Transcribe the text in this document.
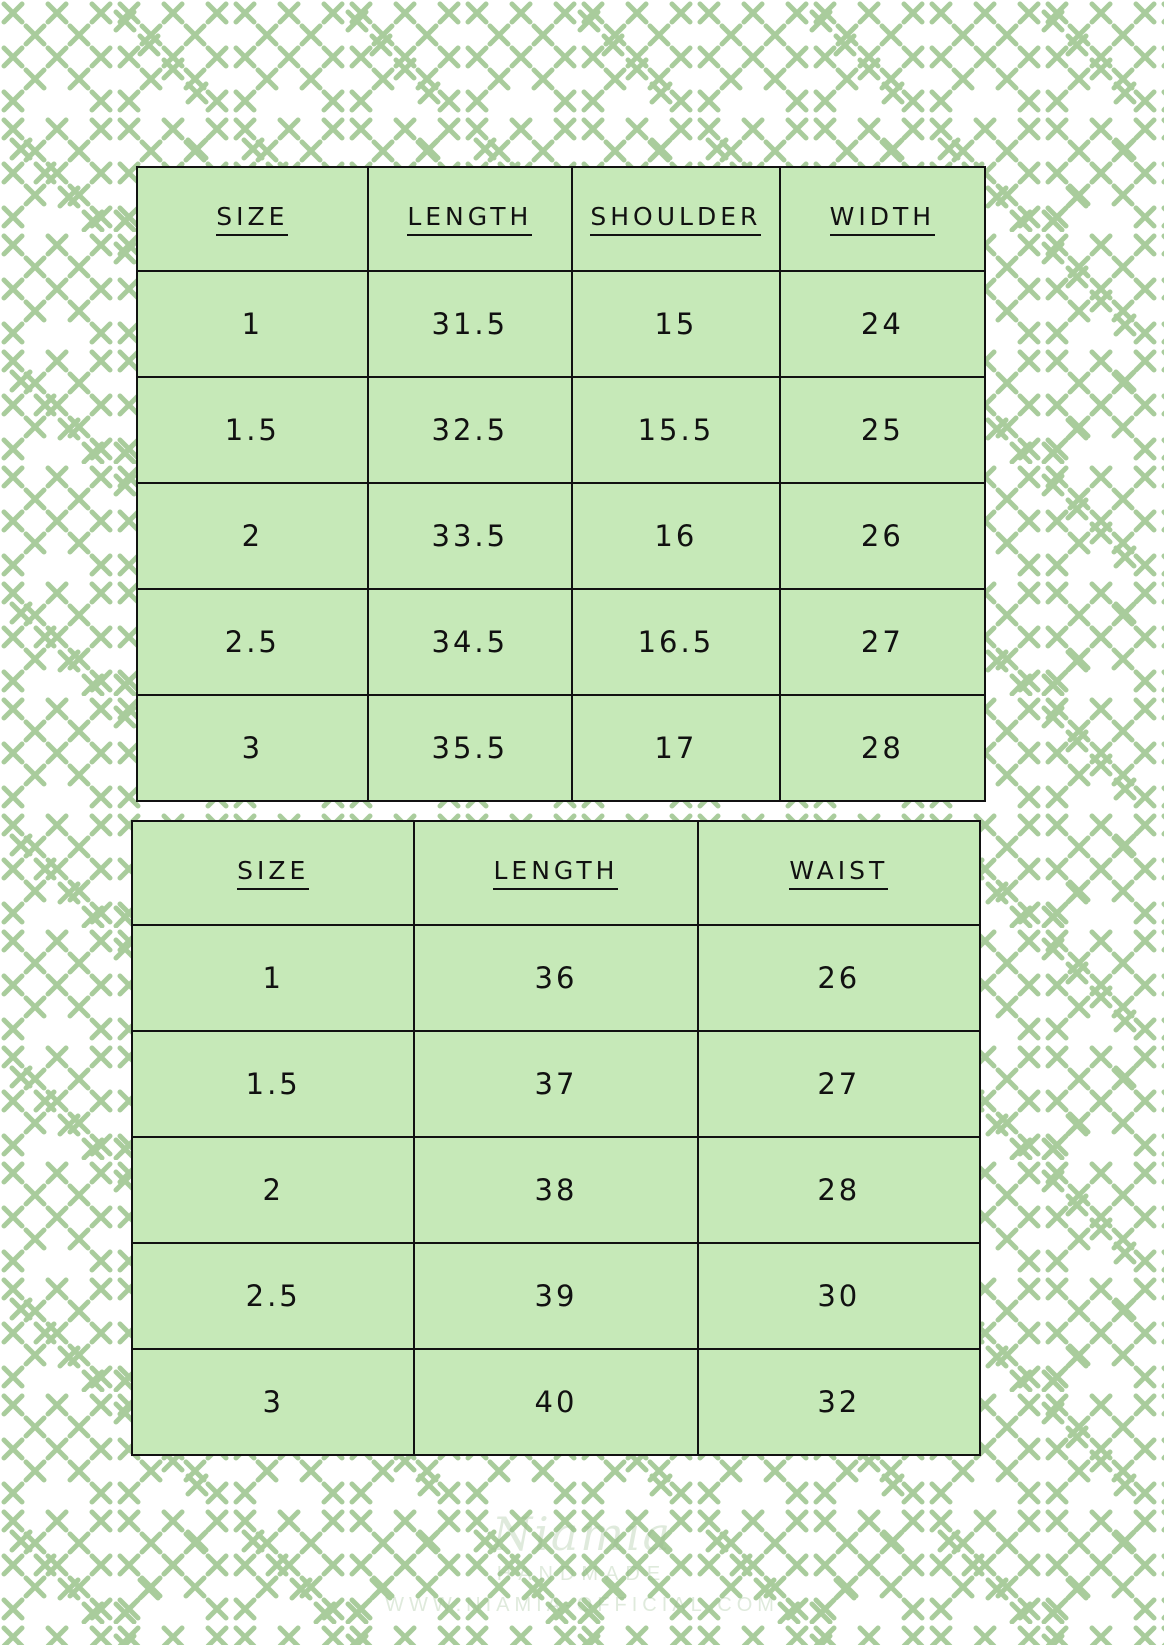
Niamia
HANDMADE
WWW.NIAMIA-OFFICIAL.COM
SIZE	LENGTH	SHOULDER	WIDTH
1	31.5	15	24
1.5	32.5	15.5	25
2	33.5	16	26
2.5	34.5	16.5	27
3	35.5	17	28
SIZE	LENGTH	WAIST
1	36	26
1.5	37	27
2	38	28
2.5	39	30
3	40	32
